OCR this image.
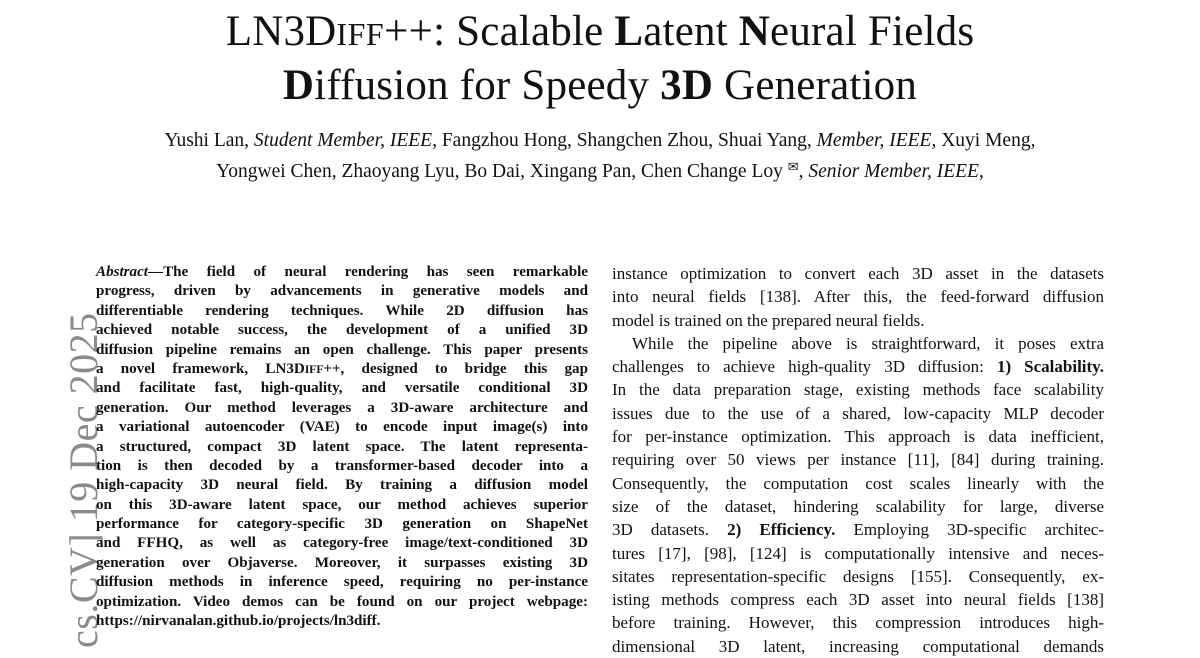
LN3DIFF++: Scalable Latent Neural Fields
Diffusion for Speedy 3D Generation
Yushi Lan, Student Member, IEEE, Fangzhou Hong, Shangchen Zhou, Shuai Yang, Member, IEEE, Xuyi Meng,
Yongwei Chen, Zhaoyang Lyu, Bo Dai, Xingang Pan, Chen Change Loy ✉, Senior Member, IEEE,
cs.CV] 19 Dec 2025
Abstract—The field of neural rendering has seen remarkable
progress, driven by advancements in generative models and
differentiable rendering techniques. While 2D diffusion has
achieved notable success, the development of a unified 3D
diffusion pipeline remains an open challenge. This paper presents
a novel framework, LN3DIFF++, designed to bridge this gap
and facilitate fast, high-quality, and versatile conditional 3D
generation. Our method leverages a 3D-aware architecture and
a variational autoencoder (VAE) to encode input image(s) into
a structured, compact 3D latent space. The latent representa-
tion is then decoded by a transformer-based decoder into a
high-capacity 3D neural field. By training a diffusion model
on this 3D-aware latent space, our method achieves superior
performance for category-specific 3D generation on ShapeNet
and FFHQ, as well as category-free image/text-conditioned 3D
generation over Objaverse. Moreover, it surpasses existing 3D
diffusion methods in inference speed, requiring no per-instance
optimization. Video demos can be found on our project webpage:
https://nirvanalan.github.io/projects/ln3diff.
instance optimization to convert each 3D asset in the datasets
into neural fields [138]. After this, the feed-forward diffusion
model is trained on the prepared neural fields.
While the pipeline above is straightforward, it poses extra
challenges to achieve high-quality 3D diffusion: 1) Scalability.
In the data preparation stage, existing methods face scalability
issues due to the use of a shared, low-capacity MLP decoder
for per-instance optimization. This approach is data inefficient,
requiring over 50 views per instance [11], [84] during training.
Consequently, the computation cost scales linearly with the
size of the dataset, hindering scalability for large, diverse
3D datasets. 2) Efficiency. Employing 3D-specific architec-
tures [17], [98], [124] is computationally intensive and neces-
sitates representation-specific designs [155]. Consequently, ex-
isting methods compress each 3D asset into neural fields [138]
before training. However, this compression introduces high-
dimensional 3D latent, increasing computational demands
